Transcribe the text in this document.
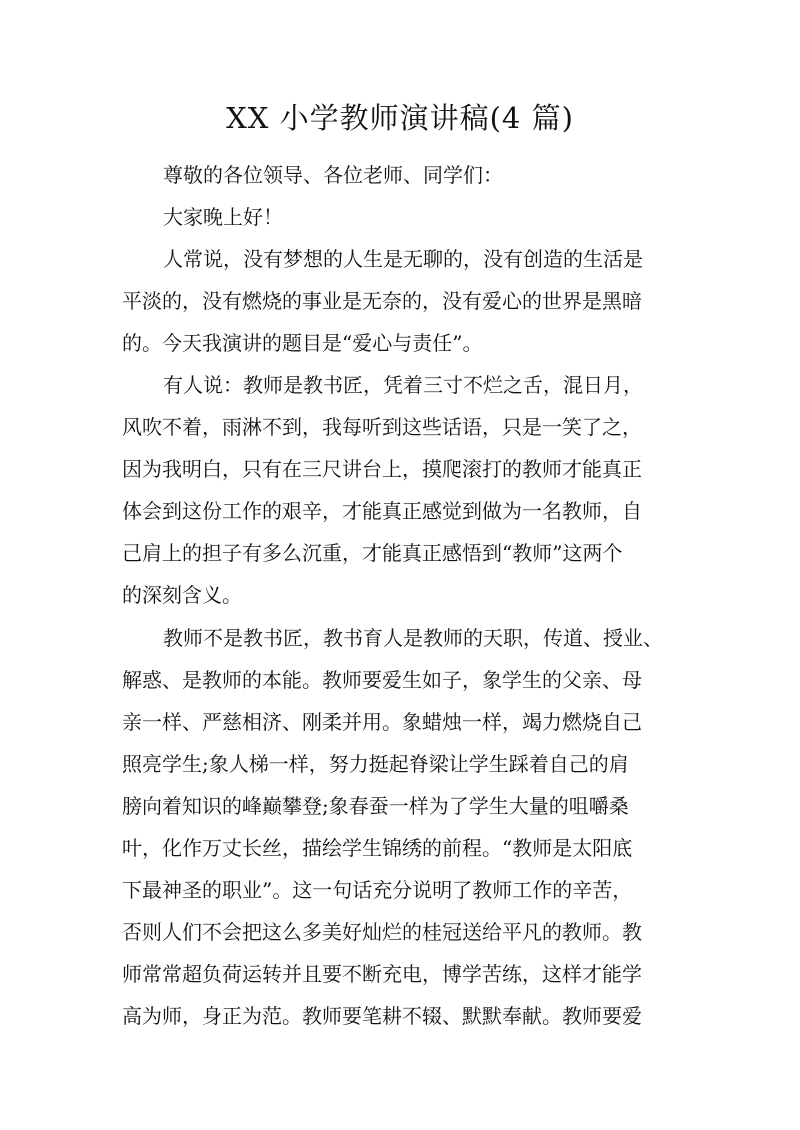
XX 小学教师演讲稿(4 篇)
尊敬的各位领导、各位老师、同学们：
大家晚上好！
人常说，没有梦想的人生是无聊的，没有创造的生活是
平淡的，没有燃烧的事业是无奈的，没有爱心的世界是黑暗
的。今天我演讲的题目是“爱心与责任”。
有人说：教师是教书匠，凭着三寸不烂之舌，混日月，
风吹不着，雨淋不到，我每听到这些话语，只是一笑了之，
因为我明白，只有在三尺讲台上，摸爬滚打的教师才能真正
体会到这份工作的艰辛，才能真正感觉到做为一名教师，自
己肩上的担子有多么沉重，才能真正感悟到“教师”这两个
的深刻含义。
教师不是教书匠，教书育人是教师的天职，传道、授业、
解惑、是教师的本能。教师要爱生如子，象学生的父亲、母
亲一样、严慈相济、刚柔并用。象蜡烛一样，竭力燃烧自己
照亮学生;象人梯一样，努力挺起脊梁让学生踩着自己的肩
膀向着知识的峰巅攀登;象春蚕一样为了学生大量的咀嚼桑
叶，化作万丈长丝，描绘学生锦绣的前程。“教师是太阳底
下最神圣的职业”。这一句话充分说明了教师工作的辛苦，
否则人们不会把这么多美好灿烂的桂冠送给平凡的教师。教
师常常超负荷运转并且要不断充电，博学苦练，这样才能学
高为师，身正为范。教师要笔耕不辍、默默奉献。教师要爱
